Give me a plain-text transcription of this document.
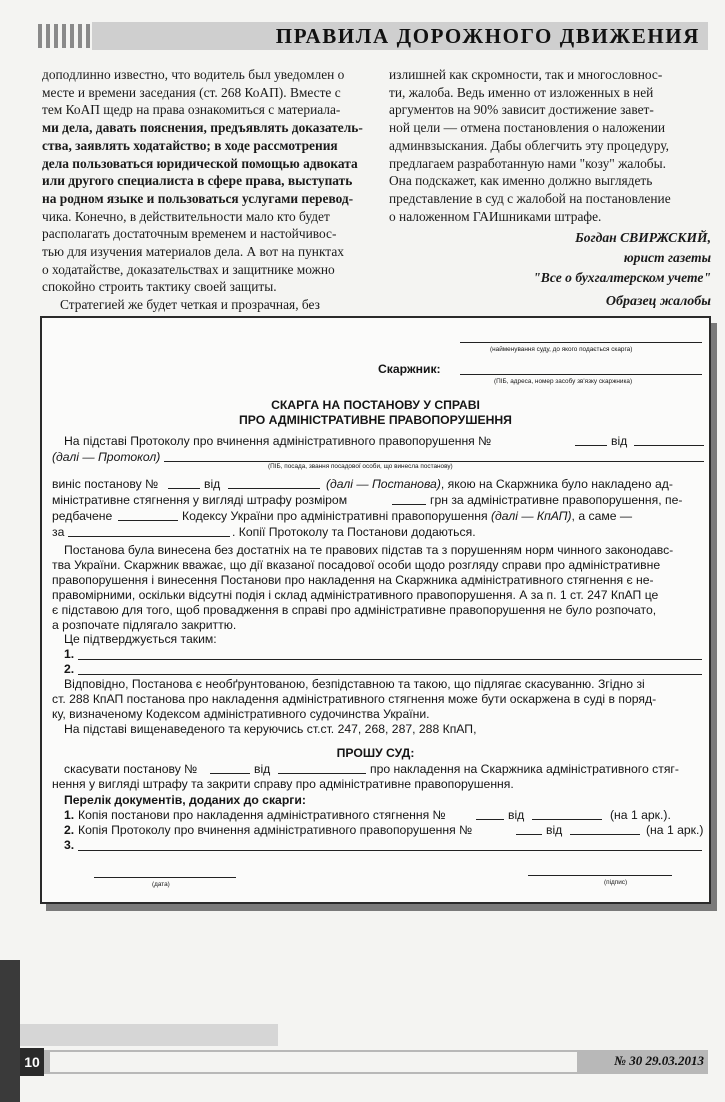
ПРАВИЛА ДОРОЖНОГО ДВИЖЕНИЯ

доподлинно известно, что водитель был уведомлен о

месте и времени заседания (ст. 268 КоАП). Вместе с

тем КоАП щедр на права ознакомиться с материала-

ми дела, давать пояснения, предъявлять доказатель-

ства, заявлять ходатайство; в ходе рассмотрения

дела пользоваться юридической помощью адвоката

или другого специалиста в сфере права, выступать

на родном языке и пользоваться услугами перевод-

чика. Конечно, в действительности мало кто будет

располагать достаточным временем и настойчивос-

тью для изучения материалов дела. А вот на пунктах

о ходатайстве, доказательствах и защитнике можно

спокойно строить тактику своей защиты.

Стратегией же будет четкая и прозрачная, без

излишней как скромности, так и многословнос-

ти, жалоба. Ведь именно от изложенных в ней

аргументов на 90% зависит достижение завет-

ной цели — отмена постановления о наложении

админвзыскания. Дабы облегчить эту процедуру,

предлагаем разработанную нами "козу" жалобы.

Она подскажет, как именно должно выглядеть

представление в суд с жалобой на постановление

о наложенном ГАИшниками штрафе.

Богдан СВИРЖСКИЙ,
юрист газеты
"Все о бухгалтерском учете"
Образец жалобы
(найменування суду, до якого подається скарга)
Скаржник:
(ПІБ, адреса, номер засобу зв'язку скаржника)
СКАРГА НА ПОСТАНОВУ У СПРАВІ
ПРО АДМІНІСТРАТИВНЕ ПРАВОПОРУШЕННЯ
На підставі Протоколу про вчинення адміністративного правопорушення №	від
(далі — Протокол)
(ПІБ, посада, звання посадової особи, що винесла постанову)
виніс постанову №	від	(далі — Постанова), якою на Скаржника було накладено ад-
міністративне стягнення у вигляді штрафу розміром	грн за адміністративне правопорушення, пе-
редбачене	Кодексу України про адміністративні правопорушення (далі — КпАП), а саме —
за	. Копії Протоколу та Постанови додаються.
Постанова була винесена без достатніх на те правових підстав та з порушенням норм чинного законодавс-
тва України. Скаржник вважає, що дії вказаної посадової особи щодо розгляду справи про адміністративне
правопорушення і винесення Постанови про накладення на Скаржника адміністративного стягнення є не-
правомірними, оскільки відсутні подія і склад адміністративного правопорушення. А за п. 1 ст. 247 КпАП це
є підставою для того, щоб провадження в справі про адміністративне правопорушення не було розпочато,
а розпочате підлягало закриттю.
Це підтверджується таким:
1.
2.
Відповідно, Постанова є необґрунтованою, безпідставною та такою, що підлягає скасуванню. Згідно зі
ст. 288 КпАП постанова про накладення адміністративного стягнення може бути оскаржена в суді в поряд-
ку, визначеному Кодексом адміністративного судочинства України.
На підставі вищенаведеного та керуючись ст.ст. 247, 268, 287, 288 КпАП,
ПРОШУ СУД:
скасувати постанову №	від	про накладення на Скаржника адміністративного стяг-
нення у вигляді штрафу та закрити справу про адміністративне правопорушення.
Перелік документів, доданих до скарги:
1. Копія постанови про накладення адміністративного стягнення №	від	(на 1 арк.).
2. Копія Протоколу про вчинення адміністративного правопорушення №	від	(на 1 арк.)
3.
(дата)	(підпис)
10	№ 30 29.03.2013
